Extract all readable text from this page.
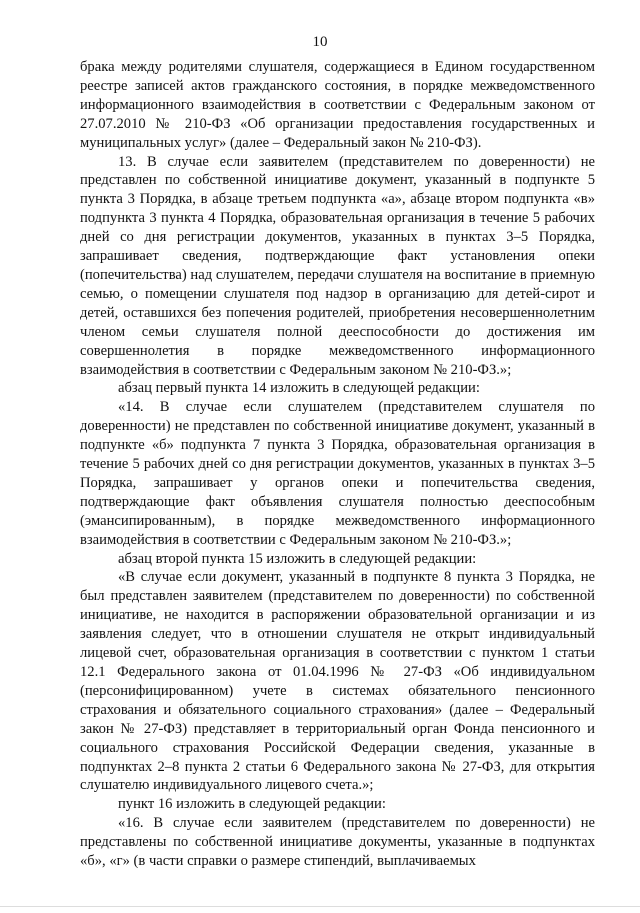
10

брака между родителями слушателя, содержащиеся в Едином государственном реестре записей актов гражданского состояния, в порядке межведомственного информационного взаимодействия в соответствии с Федеральным законом от 27.07.2010 № 210-ФЗ «Об организации предоставления государственных и муниципальных услуг» (далее – Федеральный закон № 210-ФЗ).

13. В случае если заявителем (представителем по доверенности) не представлен по собственной инициативе документ, указанный в подпункте 5 пункта 3 Порядка, в абзаце третьем подпункта «а», абзаце втором подпункта «в» подпункта 3 пункта 4 Порядка, образовательная организация в течение 5 рабочих дней со дня регистрации документов, указанных в пунктах 3–5 Порядка, запрашивает сведения, подтверждающие факт установления опеки (попечительства) над слушателем, передачи слушателя на воспитание в приемную семью, о помещении слушателя под надзор в организацию для детей-сирот и детей, оставшихся без попечения родителей, приобретения несовершеннолетним членом семьи слушателя полной дееспособности до достижения им совершеннолетия в порядке межведомственного информационного взаимодействия в соответствии с Федеральным законом № 210-ФЗ.»;

абзац первый пункта 14 изложить в следующей редакции:

«14. В случае если слушателем (представителем слушателя по доверенности) не представлен по собственной инициативе документ, указанный в подпункте «б» подпункта 7 пункта 3 Порядка, образовательная организация в течение 5 рабочих дней со дня регистрации документов, указанных в пунктах 3–5 Порядка, запрашивает у органов опеки и попечительства сведения, подтверждающие факт объявления слушателя полностью дееспособным (эмансипированным), в порядке межведомственного информационного взаимодействия в соответствии с Федеральным законом № 210-ФЗ.»;

абзац второй пункта 15 изложить в следующей редакции:

«В случае если документ, указанный в подпункте 8 пункта 3 Порядка, не был представлен заявителем (представителем по доверенности) по собственной инициативе, не находится в распоряжении образовательной организации и из заявления следует, что в отношении слушателя не открыт индивидуальный лицевой счет, образовательная организация в соответствии с пунктом 1 статьи 12.1 Федерального закона от 01.04.1996 № 27-ФЗ «Об индивидуальном (персонифицированном) учете в системах обязательного пенсионного страхования и обязательного социального страхования» (далее – Федеральный закон № 27-ФЗ) представляет в территориальный орган Фонда пенсионного и социального страхования Российской Федерации сведения, указанные в подпунктах 2–8 пункта 2 статьи 6 Федерального закона № 27-ФЗ, для открытия слушателю индивидуального лицевого счета.»;

пункт 16 изложить в следующей редакции:

«16. В случае если заявителем (представителем по доверенности) не представлены по собственной инициативе документы, указанные в подпунктах «б», «г» (в части справки о размере стипендий, выплачиваемых
